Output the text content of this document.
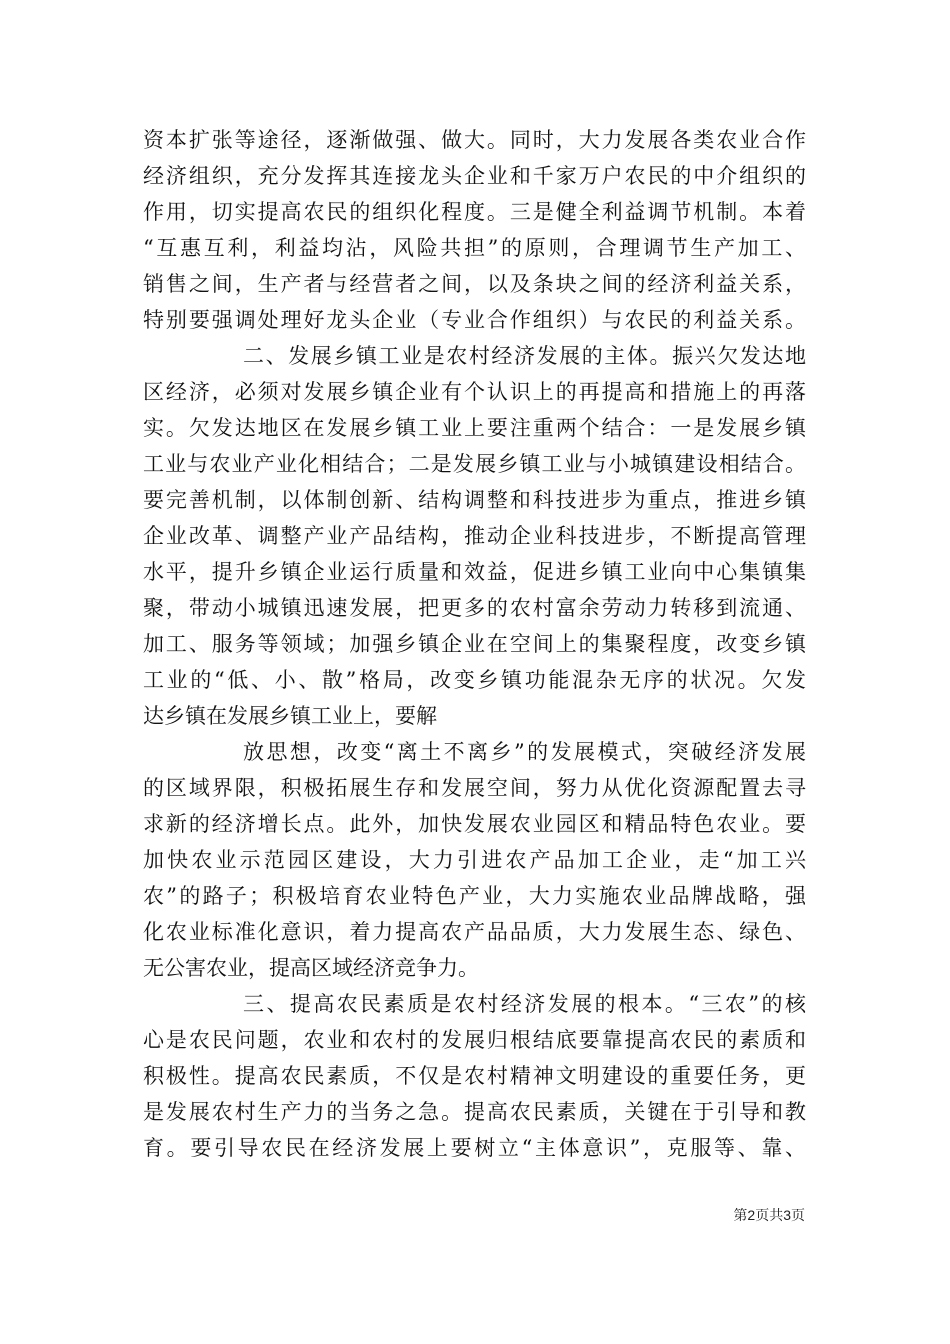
资本扩张等途径，逐渐做强、做大。同时，大力发展各类农业合作
经济组织，充分发挥其连接龙头企业和千家万户农民的中介组织的
作用，切实提高农民的组织化程度。三是健全利益调节机制。本着
“互惠互利，利益均沾，风险共担”的原则，合理调节生产加工、
销售之间，生产者与经营者之间，以及条块之间的经济利益关系，
特别要强调处理好龙头企业（专业合作组织）与农民的利益关系。
二、发展乡镇工业是农村经济发展的主体。振兴欠发达地
区经济，必须对发展乡镇企业有个认识上的再提高和措施上的再落
实。欠发达地区在发展乡镇工业上要注重两个结合：一是发展乡镇
工业与农业产业化相结合；二是发展乡镇工业与小城镇建设相结合。
要完善机制，以体制创新、结构调整和科技进步为重点，推进乡镇
企业改革、调整产业产品结构，推动企业科技进步，不断提高管理
水平，提升乡镇企业运行质量和效益，促进乡镇工业向中心集镇集
聚，带动小城镇迅速发展，把更多的农村富余劳动力转移到流通、
加工、服务等领域；加强乡镇企业在空间上的集聚程度，改变乡镇
工业的“低、小、散”格局，改变乡镇功能混杂无序的状况。欠发
达乡镇在发展乡镇工业上，要解
放思想，改变“离土不离乡”的发展模式，突破经济发展
的区域界限，积极拓展生存和发展空间，努力从优化资源配置去寻
求新的经济增长点。此外，加快发展农业园区和精品特色农业。要
加快农业示范园区建设，大力引进农产品加工企业，走“加工兴
农”的路子；积极培育农业特色产业，大力实施农业品牌战略，强
化农业标准化意识，着力提高农产品品质，大力发展生态、绿色、
无公害农业，提高区域经济竞争力。
三、提高农民素质是农村经济发展的根本。“三农”的核
心是农民问题，农业和农村的发展归根结底要靠提高农民的素质和
积极性。提高农民素质，不仅是农村精神文明建设的重要任务，更
是发展农村生产力的当务之急。提高农民素质，关键在于引导和教
育。要引导农民在经济发展上要树立“主体意识”，克服等、靠、
第2页共3页
